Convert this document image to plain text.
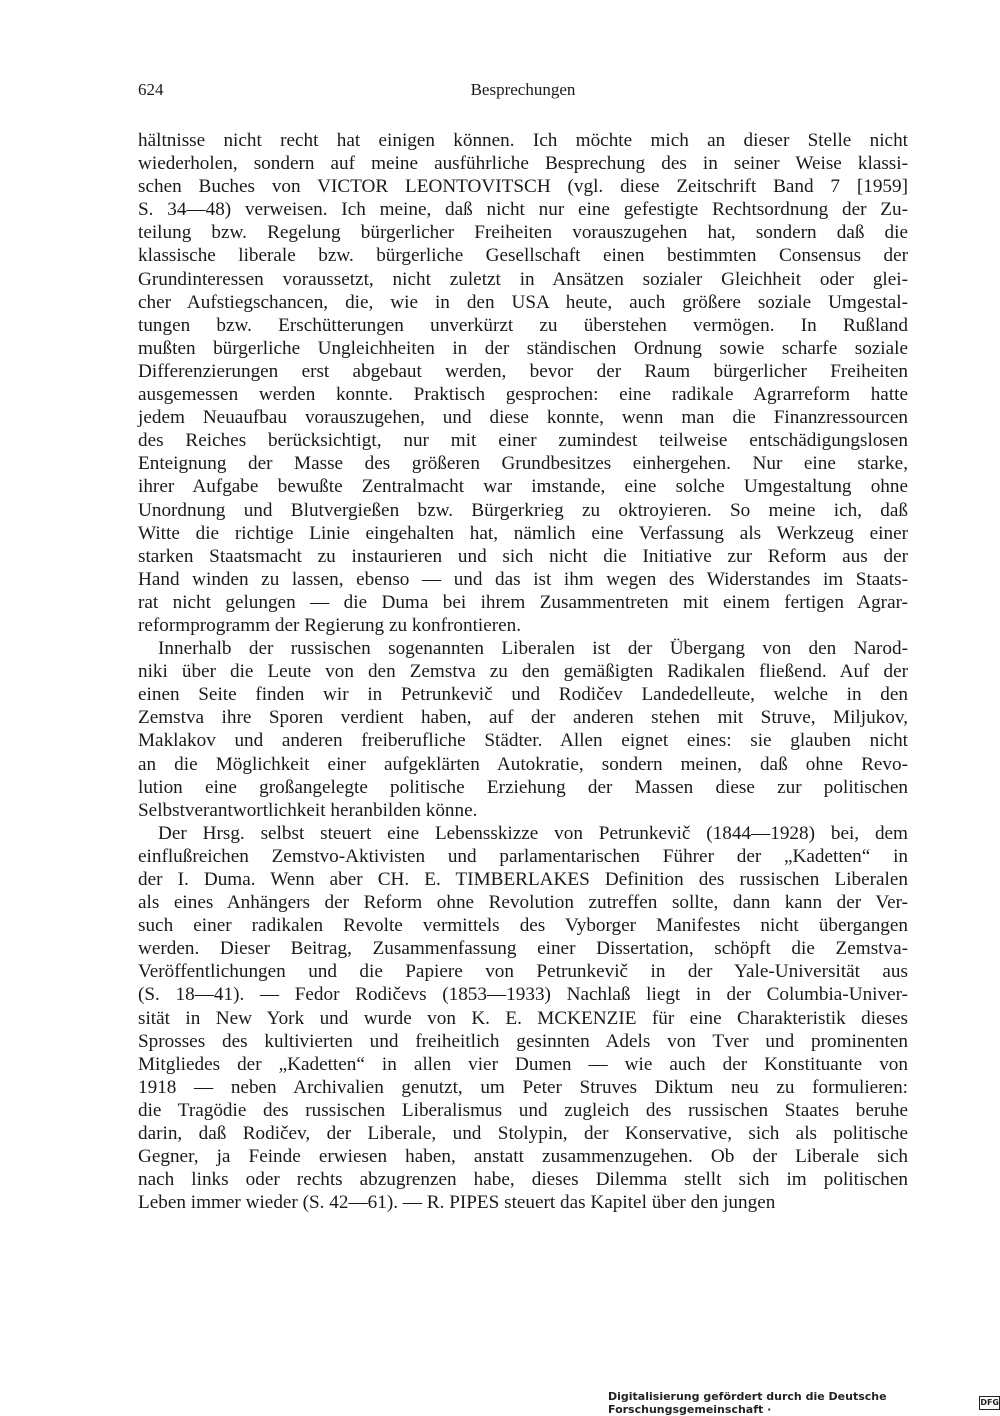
624	Besprechungen

hältnisse nicht recht hat einigen können. Ich möchte mich an dieser Stelle nicht
wiederholen, sondern auf meine ausführliche Besprechung des in seiner Weise klassi-
schen Buches von VICTOR LEONTOVITSCH (vgl. diese Zeitschrift Band 7 [1959]
S. 34—48) verweisen. Ich meine, daß nicht nur eine gefestigte Rechtsordnung der Zu-
teilung bzw. Regelung bürgerlicher Freiheiten vorauszugehen hat, sondern daß die
klassische liberale bzw. bürgerliche Gesellschaft einen bestimmten Consensus der
Grundinteressen voraussetzt, nicht zuletzt in Ansätzen sozialer Gleichheit oder glei-
cher Aufstiegschancen, die, wie in den USA heute, auch größere soziale Umgestal-
tungen bzw. Erschütterungen unverkürzt zu überstehen vermögen. In Rußland
mußten bürgerliche Ungleichheiten in der ständischen Ordnung sowie scharfe soziale
Differenzierungen erst abgebaut werden, bevor der Raum bürgerlicher Freiheiten
ausgemessen werden konnte. Praktisch gesprochen: eine radikale Agrarreform hatte
jedem Neuaufbau vorauszugehen, und diese konnte, wenn man die Finanzressourcen
des Reiches berücksichtigt, nur mit einer zumindest teilweise entschädigungslosen
Enteignung der Masse des größeren Grundbesitzes einhergehen. Nur eine starke,
ihrer Aufgabe bewußte Zentralmacht war imstande, eine solche Umgestaltung ohne
Unordnung und Blutvergießen bzw. Bürgerkrieg zu oktroyieren. So meine ich, daß
Witte die richtige Linie eingehalten hat, nämlich eine Verfassung als Werkzeug einer
starken Staatsmacht zu instaurieren und sich nicht die Initiative zur Reform aus der
Hand winden zu lassen, ebenso — und das ist ihm wegen des Widerstandes im Staats-
rat nicht gelungen — die Duma bei ihrem Zusammentreten mit einem fertigen Agrar-
reformprogramm der Regierung zu konfrontieren.

Innerhalb der russischen sogenannten Liberalen ist der Übergang von den Narod-
niki über die Leute von den Zemstva zu den gemäßigten Radikalen fließend. Auf der
einen Seite finden wir in Petrunkevič und Rodičev Landedelleute, welche in den
Zemstva ihre Sporen verdient haben, auf der anderen stehen mit Struve, Miljukov,
Maklakov und anderen freiberufliche Städter. Allen eignet eines: sie glauben nicht
an die Möglichkeit einer aufgeklärten Autokratie, sondern meinen, daß ohne Revo-
lution eine großangelegte politische Erziehung der Massen diese zur politischen
Selbstverantwortlichkeit heranbilden könne.

Der Hrsg. selbst steuert eine Lebensskizze von Petrunkevič (1844—1928) bei, dem
einflußreichen Zemstvo-Aktivisten und parlamentarischen Führer der „Kadetten“ in
der I. Duma. Wenn aber CH. E. TIMBERLAKES Definition des russischen Liberalen
als eines Anhängers der Reform ohne Revolution zutreffen sollte, dann kann der Ver-
such einer radikalen Revolte vermittels des Vyborger Manifestes nicht übergangen
werden. Dieser Beitrag, Zusammenfassung einer Dissertation, schöpft die Zemstva-
Veröffentlichungen und die Papiere von Petrunkevič in der Yale-Universität aus
(S. 18—41). — Fedor Rodičevs (1853—1933) Nachlaß liegt in der Columbia-Univer-
sität in New York und wurde von K. E. MCKENZIE für eine Charakteristik dieses
Sprosses des kultivierten und freiheitlich gesinnten Adels von Tver und prominenten
Mitgliedes der „Kadetten“ in allen vier Dumen — wie auch der Konstituante von
1918 — neben Archivalien genutzt, um Peter Struves Diktum neu zu formulieren:
die Tragödie des russischen Liberalismus und zugleich des russischen Staates beruhe
darin, daß Rodičev, der Liberale, und Stolypin, der Konservative, sich als politische
Gegner, ja Feinde erwiesen haben, anstatt zusammenzugehen. Ob der Liberale sich
nach links oder rechts abzugrenzen habe, dieses Dilemma stellt sich im politischen
Leben immer wieder (S. 42—61). — R. PIPES steuert das Kapitel über den jungen

Digitalisierung gefördert durch die Deutsche Forschungsgemeinschaft ·
DFG
